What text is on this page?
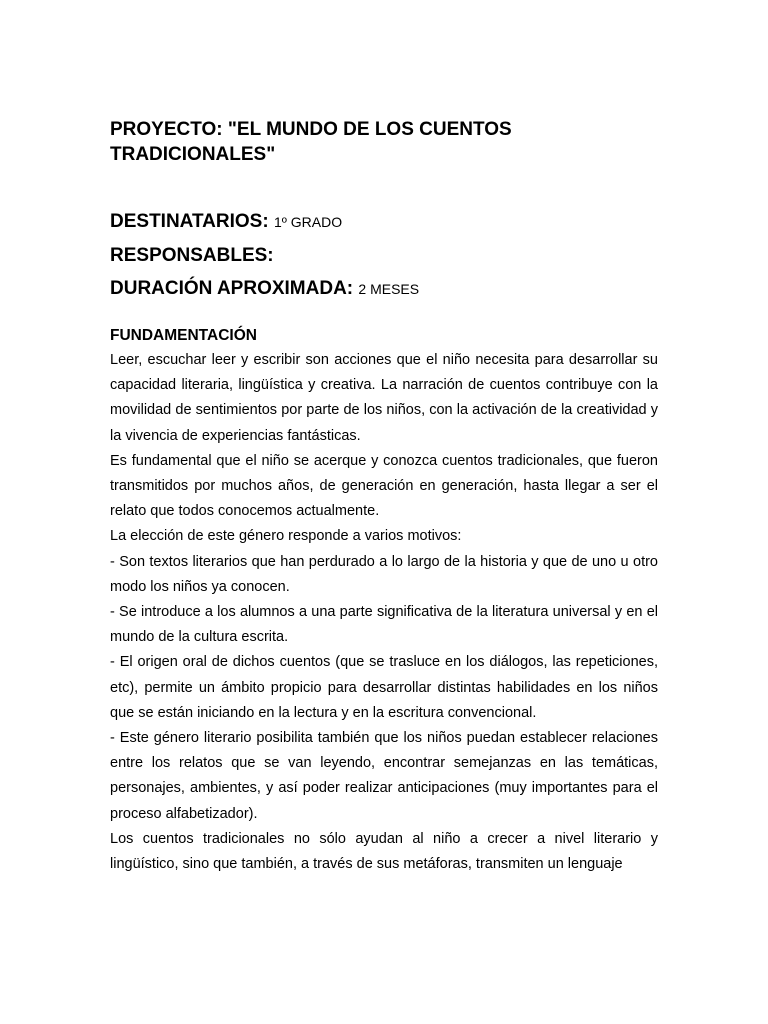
PROYECTO: "EL MUNDO DE LOS CUENTOS TRADICIONALES"

DESTINATARIOS: 1º GRADO

RESPONSABLES:

DURACIÓN APROXIMADA: 2 MESES

FUNDAMENTACIÓN

Leer, escuchar leer y escribir son acciones que el niño necesita para desarrollar su capacidad literaria, lingüística y creativa. La narración de cuentos contribuye con la movilidad de sentimientos por parte de los niños, con la activación de la creatividad y la vivencia de experiencias fantásticas.

Es fundamental que el niño se acerque y conozca cuentos tradicionales, que fueron transmitidos por muchos años, de generación en generación, hasta llegar a ser el relato que todos conocemos actualmente.

La elección de este género responde a varios motivos:

- Son textos literarios que han perdurado a lo largo de la historia y que de uno u otro modo los niños ya conocen.

- Se introduce a los alumnos a una parte significativa de la literatura universal y en el mundo de la cultura escrita.

- El origen oral de dichos cuentos (que se trasluce en los diálogos, las repeticiones, etc), permite un ámbito propicio para desarrollar distintas habilidades en los niños que se están iniciando en la lectura y en la escritura convencional.

- Este género literario posibilita también que los niños puedan establecer relaciones entre los relatos que se van leyendo, encontrar semejanzas en las temáticas, personajes, ambientes, y así poder realizar anticipaciones (muy importantes para el proceso alfabetizador).

Los cuentos tradicionales no sólo ayudan al niño a crecer a nivel literario y lingüístico, sino que también, a través de sus metáforas, transmiten un lenguaje
